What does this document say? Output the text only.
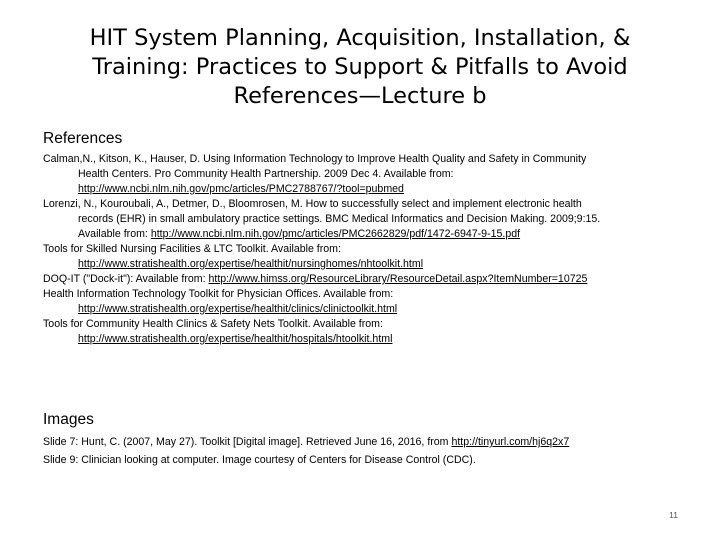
HIT System Planning, Acquisition, Installation, &
Training: Practices to Support & Pitfalls to Avoid
References—Lecture b
References
Calman,N., Kitson, K., Hauser, D. Using Information Technology to Improve Health Quality and Safety in Community
Health Centers. Pro Community Health Partnership. 2009 Dec 4. Available from:
http://www.ncbi.nlm.nih.gov/pmc/articles/PMC2788767/?tool=pubmed
Lorenzi, N., Kouroubali, A., Detmer, D., Bloomrosen, M. How to successfully select and implement electronic health
records (EHR) in small ambulatory practice settings. BMC Medical Informatics and Decision Making. 2009;9:15.
Available from: http://www.ncbi.nlm.nih.gov/pmc/articles/PMC2662829/pdf/1472-6947-9-15.pdf
Tools for Skilled Nursing Facilities & LTC Toolkit. Available from:
http://www.stratishealth.org/expertise/healthit/nursinghomes/nhtoolkit.html
DOQ-IT ("Dock-it"): Available from: http://www.himss.org/ResourceLibrary/ResourceDetail.aspx?ItemNumber=10725
Health Information Technology Toolkit for Physician Offices. Available from:
http://www.stratishealth.org/expertise/healthit/clinics/clinictoolkit.html
Tools for Community Health Clinics & Safety Nets Toolkit. Available from:
http://www.stratishealth.org/expertise/healthit/hospitals/htoolkit.html
Images
Slide 7: Hunt, C. (2007, May 27). Toolkit [Digital image]. Retrieved June 16, 2016, from http://tinyurl.com/hj6q2x7
Slide 9: Clinician looking at computer. Image courtesy of Centers for Disease Control (CDC).
11
